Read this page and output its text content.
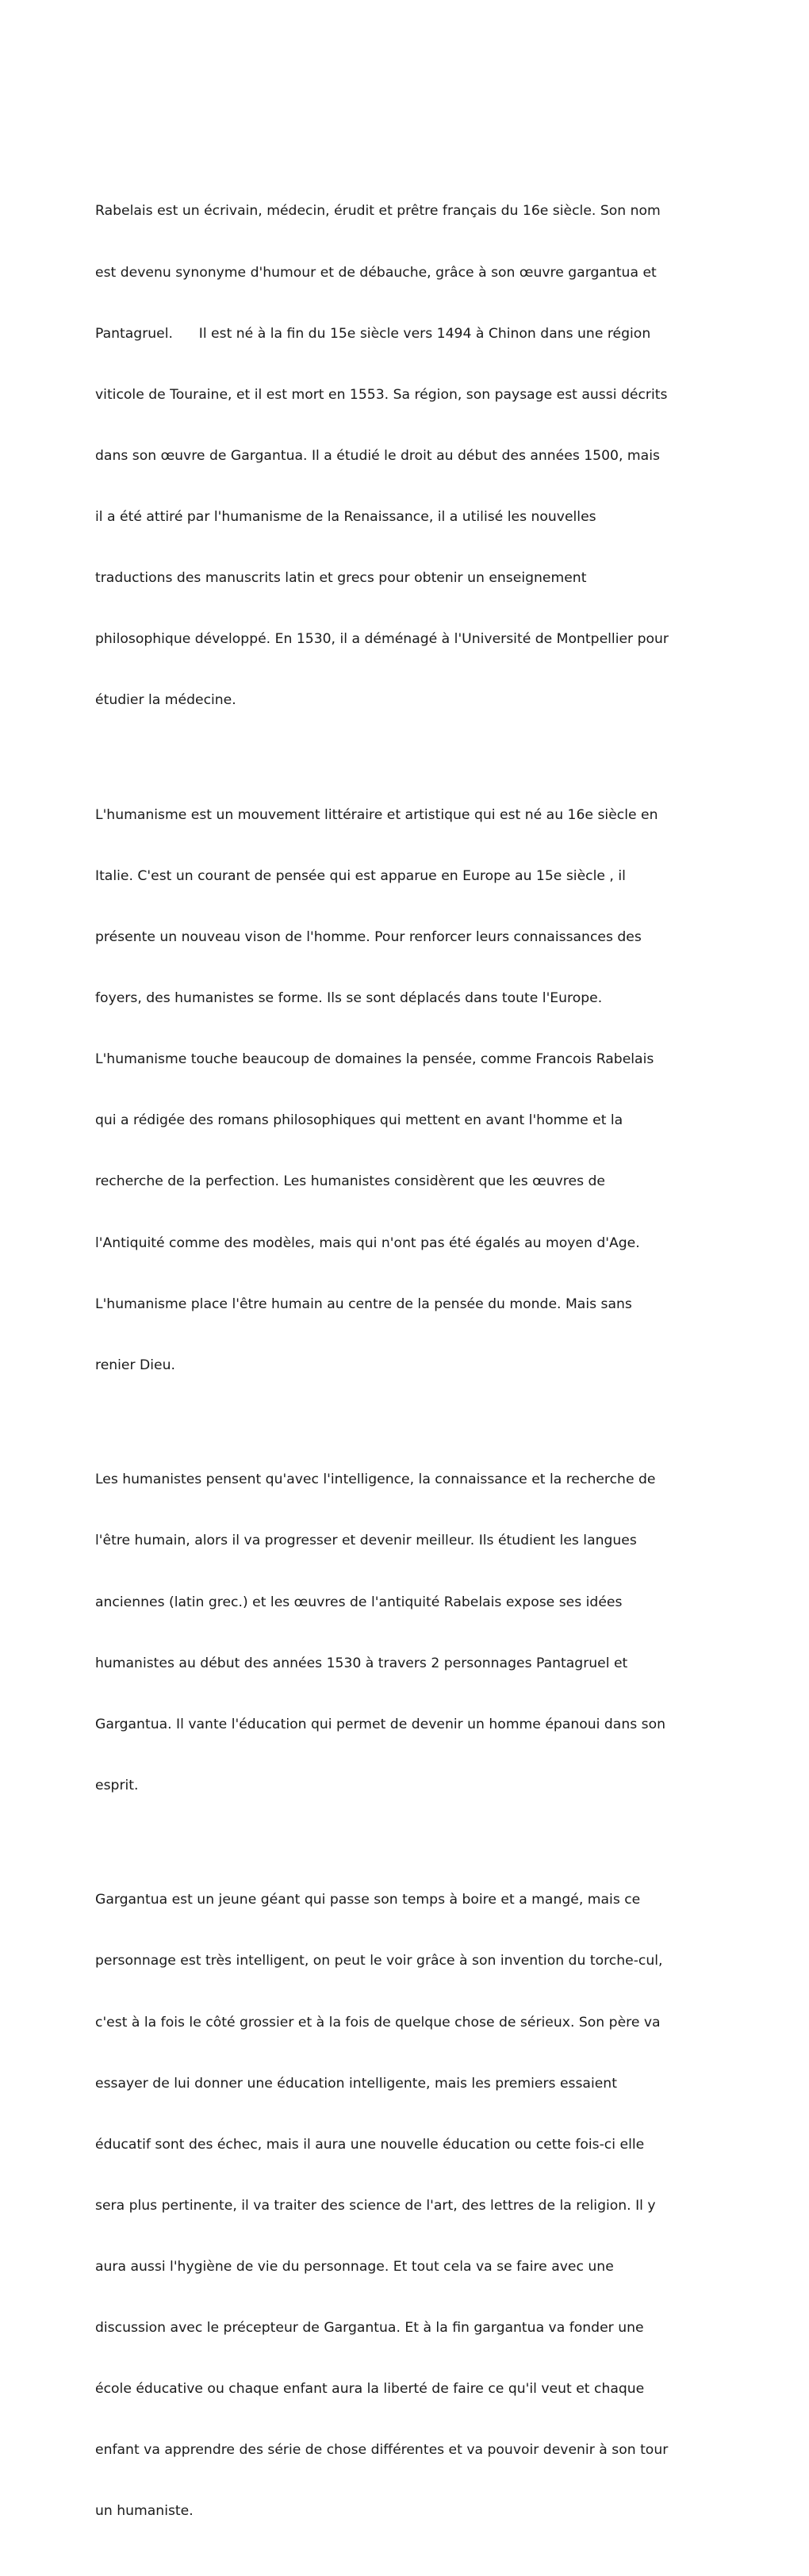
Rabelais est un écrivain, médecin, érudit et prêtre français du 16e siècle. Son nom

est devenu synonyme d'humour et de débauche, grâce à son œuvre gargantua et

Pantagruel.      Il est né à la fin du 15e siècle vers 1494 à Chinon dans une région

viticole de Touraine, et il est mort en 1553. Sa région, son paysage est aussi décrits

dans son œuvre de Gargantua. Il a étudié le droit au début des années 1500, mais

il a été attiré par l'humanisme de la Renaissance, il a utilisé les nouvelles

traductions des manuscrits latin et grecs pour obtenir un enseignement

philosophique développé. En 1530, il a déménagé à l'Université de Montpellier pour

étudier la médecine.

L'humanisme est un mouvement littéraire et artistique qui est né au 16e siècle en

Italie. C'est un courant de pensée qui est apparue en Europe au 15e siècle , il

présente un nouveau vison de l'homme. Pour renforcer leurs connaissances des

foyers, des humanistes se forme. Ils se sont déplacés dans toute l'Europe.

L'humanisme touche beaucoup de domaines la pensée, comme Francois Rabelais

qui a rédigée des romans philosophiques qui mettent en avant l'homme et la

recherche de la perfection. Les humanistes considèrent que les œuvres de

l'Antiquité comme des modèles, mais qui n'ont pas été égalés au moyen d'Age.

L'humanisme place l'être humain au centre de la pensée du monde. Mais sans

renier Dieu.

Les humanistes pensent qu'avec l'intelligence, la connaissance et la recherche de

l'être humain, alors il va progresser et devenir meilleur. Ils étudient les langues

anciennes (latin grec.) et les œuvres de l'antiquité Rabelais expose ses idées

humanistes au début des années 1530 à travers 2 personnages Pantagruel et

Gargantua. Il vante l'éducation qui permet de devenir un homme épanoui dans son

esprit.

Gargantua est un jeune géant qui passe son temps à boire et a mangé, mais ce

personnage est très intelligent, on peut le voir grâce à son invention du torche-cul,

c'est à la fois le côté grossier et à la fois de quelque chose de sérieux. Son père va

essayer de lui donner une éducation intelligente, mais les premiers essaient

éducatif sont des échec, mais il aura une nouvelle éducation ou cette fois-ci elle

sera plus pertinente, il va traiter des science de l'art, des lettres de la religion. Il y

aura aussi l'hygiène de vie du personnage. Et tout cela va se faire avec une

discussion avec le précepteur de Gargantua. Et à la fin gargantua va fonder une

école éducative ou chaque enfant aura la liberté de faire ce qu'il veut et chaque

enfant va apprendre des série de chose différentes et va pouvoir devenir à son tour

un humaniste.
